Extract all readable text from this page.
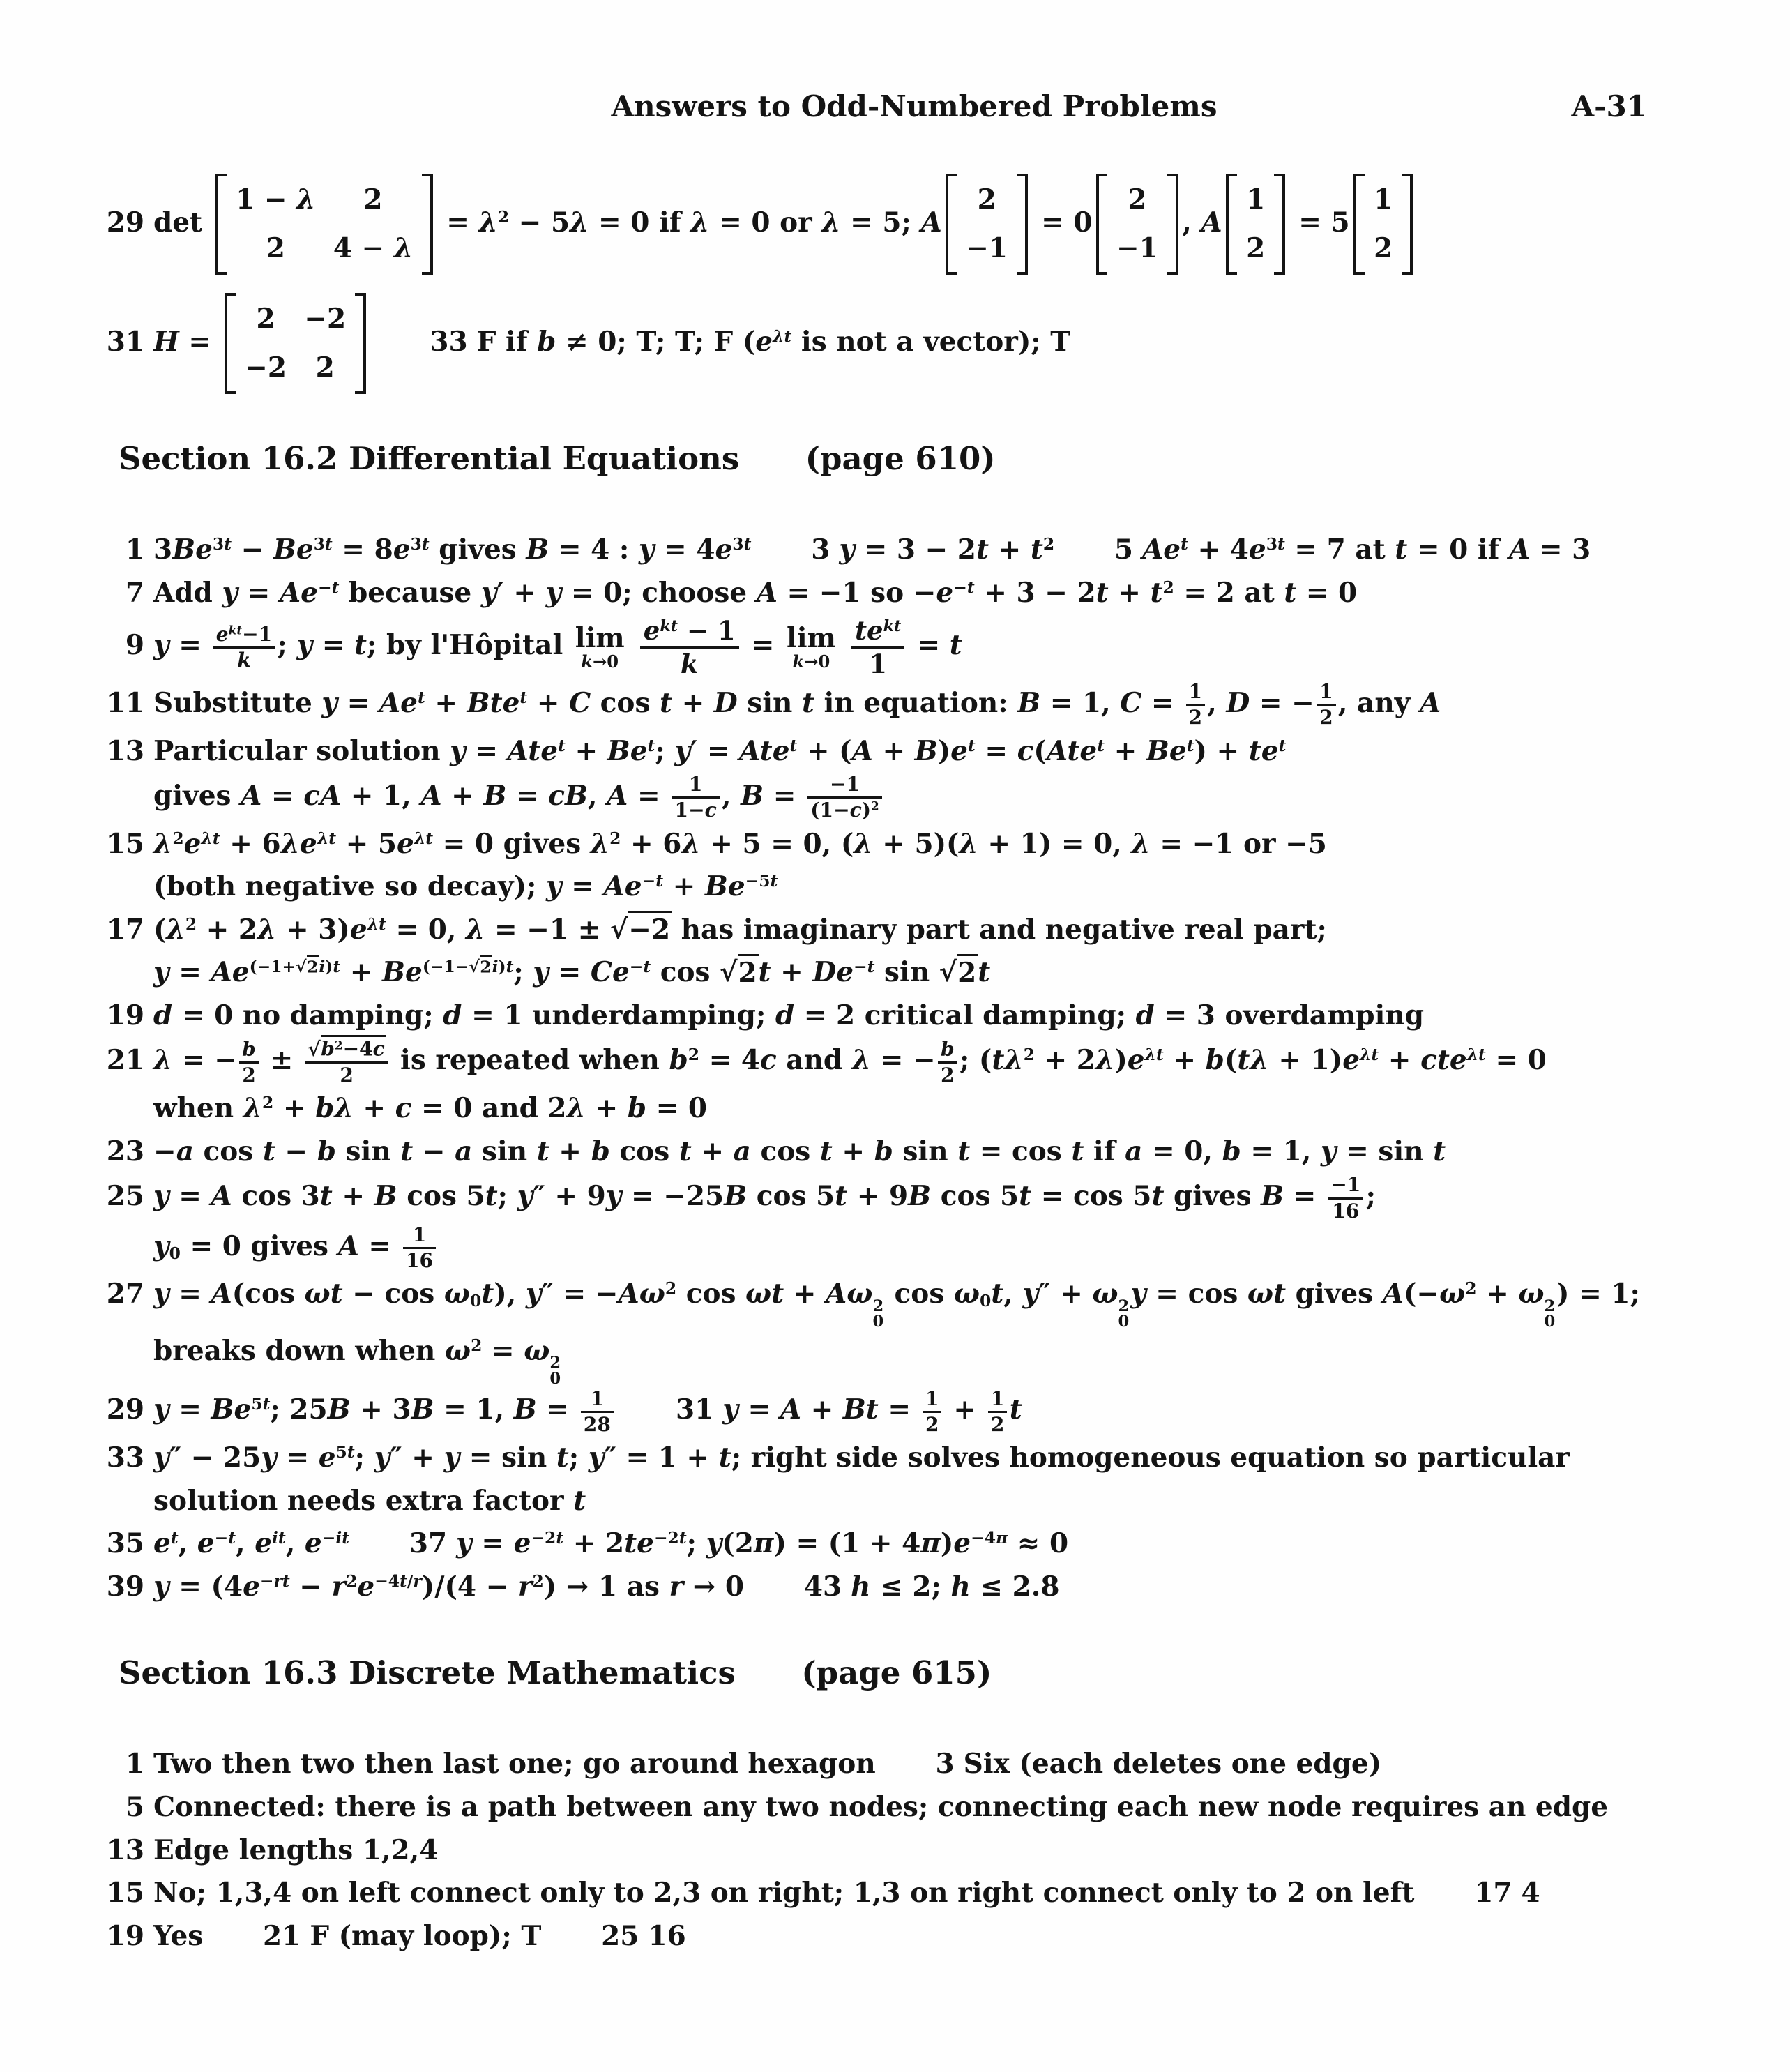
Answers to Odd-Numbered Problems	A-31
29 det
1 − λ	2
2	4 − λ
= $\lambda^2 - 5\lambda = 0$ if λ = 0 or λ = 5; A
2
−1
= 0
2
−1
, A
1
2
= 5
1
2
31 H =
2	−2
−2	2
33 F if b ≠ 0; T; T; F ($e^{\lambda t}$ is not a vector); T
Section 16.2 Differential Equations (page 610)
1 $3Be^{3t} - Be^{3t} = 8e^{3t}$ gives B = 4 : $y = 4e^{3t}$ 3 $y = 3 - 2t + t^2$ 5 $Ae^t + 4e^{3t} = 7$ at t = 0 if A = 3
7 Add $y = Ae^{-t}$ because y′ + y = 0; choose A = −1 so $-e^{-t} + 3 - 2t + t^2 = 2$ at t = 0
9 $y = e^{kt}-1$
k ; y = t; by l'Hôpital lim
k→0

$e^{kt} - 1$
k
= lim
k→0

$te^{kt}$
1
= t
11 Substitute $y = Ae^t + Bte^t + C$ cos t + D sin t in equation: B = 1, $C = \frac{1}{2}$ , D = − $\frac{1}{2}$ , any A
13 Particular solution $y = Ate^t + Be^t$; $y' = Ate^t + (A + B)e^t = c(Ate^t + Be^t) + te^t$
gives A = cA + 1, A + B = cB, $A = \frac{1}{1-c}$ , $B = \frac{-1}{(1-c)^2}$
15 $\lambda^2e^{\lambda t} + 6\lambda e^{\lambda t} + 5e^{\lambda t} = 0$ gives $\lambda^2 + 6\lambda + 5 = 0$, (λ + 5)(λ + 1) = 0, λ = −1 or −5
(both negative so decay); $y = Ae^{-t} + Be^{-5t}$
17 $(\lambda^2 + 2\lambda + 3)e^{\lambda t} = 0$, λ = −1 ± √−2 has imaginary part and negative real part;
$y = Ae^{(-1+√2i)t} + Be^{(-1-√2i)t}$; $y = Ce^{-t}$ $\cos √2t + De^{-t}$ sin √2t
19 d = 0 no damping; d = 1 underdamping; d = 2 critical damping; d = 3 overdamping
21 λ = − $\frac{b}{2} \pm \frac{√b^2-4c}{2}$ is repeated when $b^2 = 4c$ and λ = − $\frac{b}{2}$ ; $(t\lambda^2 + 2\lambda)e^{\lambda t} + b(t\lambda + 1)e^{\lambda t} + cte^{\lambda t} = 0$
when $\lambda^2 + b\lambda + c = 0$ and 2λ + b = 0
23 −a cos t − b sin t − a sin t + b cos t + a cos t + b sin t = cos t if a = 0, b = 1, y = sin t
25 y = A cos 3t + B cos 5t; y″ + 9y = −25B cos 5t + 9B cos 5t = cos 5t gives $B = \frac{-1}{16}$ ;
$y_0 = 0$ gives $A = \frac{1}{16}$
27 y = A(cos $\omega t - \cos \omega_0t$), $y'' = -A\omega^2$ cos ωt + Aω 2
0
$\cos \omega_0t$, y″ + ω 2
0
y = cos ωt gives $A(-\omega^2 + \omega$ 2
0
) = 1;
breaks down when $\omega^2 = \omega$ 2
0
29 $y = Be^{5t}$; 25B + 3B = 1, $B = \frac{1}{28} 31$ $y = A + Bt = \frac{1}{2} + \frac{1}{2}$ t
33 $y'' - 25y = e^{5t}$; y″ + y = sin t; y″ = 1 + t; right side solves homogeneous equation so particular
solution needs extra factor t
35 $e^t$, $e^{-t}$, $e^{it}$, $e^{-it}$ 37 $y = e^{-2t} + 2te^{-2t}$; $y(2\pi) = (1 + 4\pi)e^{-4\pi} \approx 0$
39 $y = (4e^{-rt} - r^2e^{-4t/r})/(4 - r^2) \to 1$ as r → 0 43 h ≤ 2; h ≤ 2.8
Section 16.3 Discrete Mathematics (page 615)
1 Two then two then last one; go around hexagon 3 Six (each deletes one edge)
5 Connected: there is a path between any two nodes; connecting each new node requires an edge
13 Edge lengths 1,2,4
15 No; 1,3,4 on left connect only to 2,3 on right; 1,3 on right connect only to 2 on left 17 4
19 Yes 21 F (may loop); T 25 16
